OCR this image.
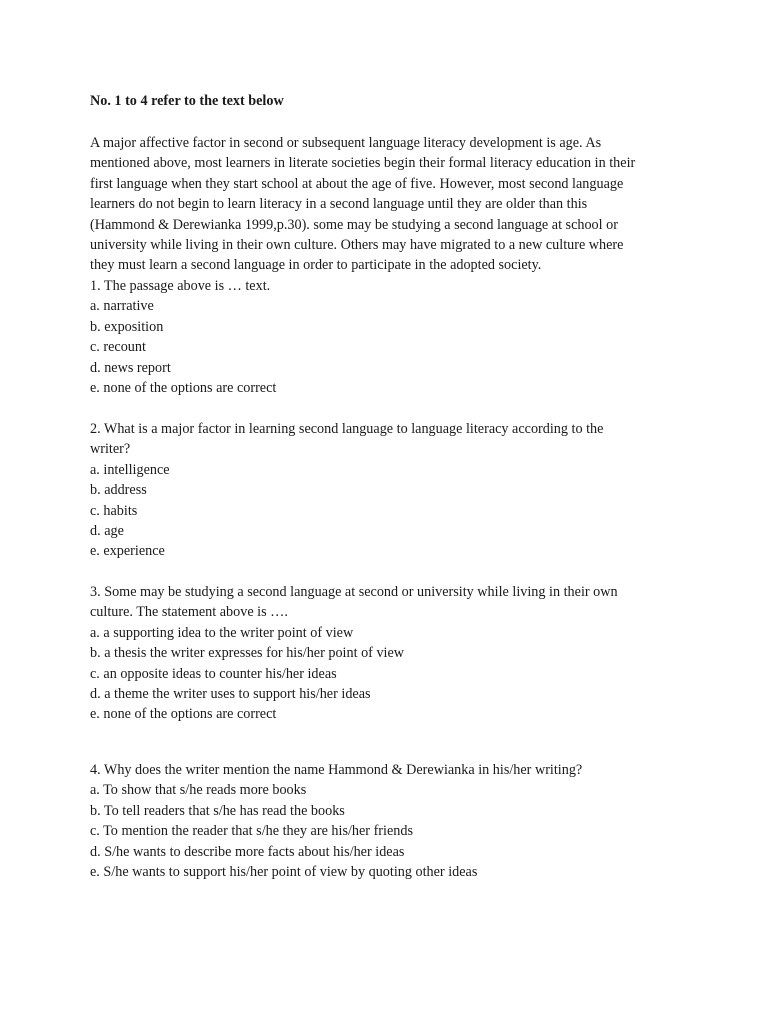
No. 1 to 4 refer to the text below
A major affective factor in second or subsequent language literacy development is age. As
mentioned above, most learners in literate societies begin their formal literacy education in their
first language when they start school at about the age of five. However, most second language
learners do not begin to learn literacy in a second language until they are older than this
(Hammond & Derewianka 1999,p.30). some may be studying a second language at school or
university while living in their own culture. Others may have migrated to a new culture where
they must learn a second language in order to participate in the adopted society.
1. The passage above is … text.
a. narrative
b. exposition
c. recount
d. news report
e. none of the options are correct
2. What is a major factor in learning second language to language literacy according to the
writer?
a. intelligence
b. address
c. habits
d. age
e. experience
3. Some may be studying a second language at second or university while living in their own
culture. The statement above is ….
a. a supporting idea to the writer point of view
b. a thesis the writer expresses for his/her point of view
c. an opposite ideas to counter his/her ideas
d. a theme the writer uses to support his/her ideas
e. none of the options are correct
4. Why does the writer mention the name Hammond & Derewianka in his/her writing?
a. To show that s/he reads more books
b. To tell readers that s/he has read the books
c. To mention the reader that s/he they are his/her friends
d. S/he wants to describe more facts about his/her ideas
e. S/he wants to support his/her point of view by quoting other ideas
